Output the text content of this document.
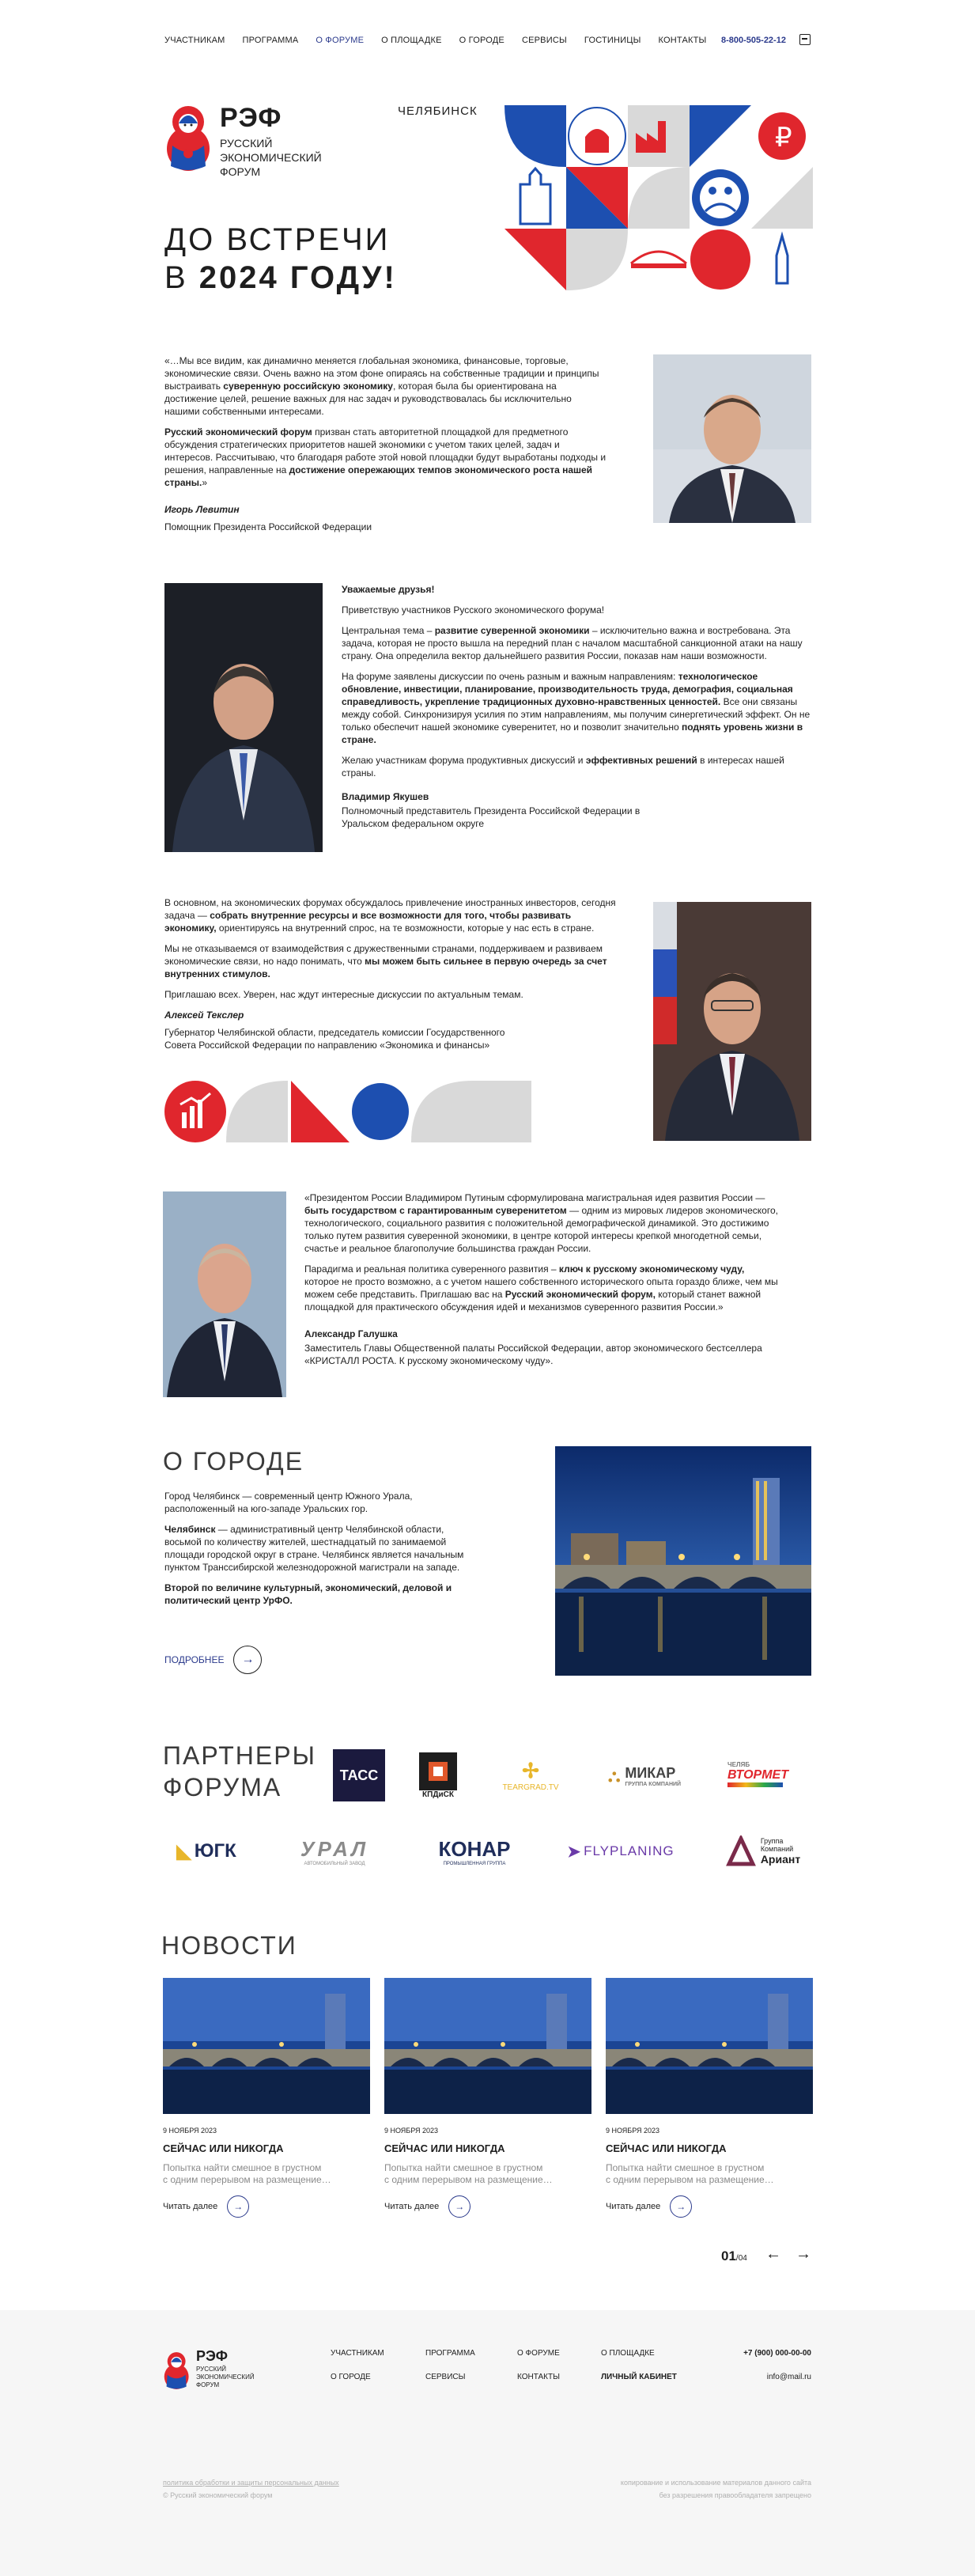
УЧАСТНИКАМ ПРОГРАММА О ФОРУМЕ О ПЛОЩАДКЕ О ГОРОДЕ СЕРВИСЫ ГОСТИНИЦЫ КОНТАКТЫ 8-800-505-22-12
РЭФ
РУССКИЙ ЭКОНОМИЧЕСКИЙ ФОРУМ
ЧЕЛЯБИНСК
ДО ВСТРЕЧИ
В 2024 ГОДУ!
₽

«…Мы все видим, как динамично меняется глобальная экономика, финансовые, торговые, экономические связи. Очень важно на этом фоне опираясь на собственные традиции и принципы выстраивать суверенную российскую экономику, которая была бы ориентирована на достижение целей, решение важных для нас задач и руководствовалась бы исключительно нашими собственными интересами.

Русский экономический форум призван стать авторитетной площадкой для предметного обсуждения стратегических приоритетов нашей экономики с учетом таких целей, задач и интересов. Рассчитываю, что благодаря работе этой новой площадки будут выработаны подходы и решения, направленные на достижение опережающих темпов экономического роста нашей страны.»

Игорь Левитин
Помощник Президента Российской Федерации

Уважаемые друзья!

Приветствую участников Русского экономического форума!

Центральная тема – развитие суверенной экономики – исключительно важна и востребована. Эта задача, которая не просто вышла на передний план с началом масштабной санкционной атаки на нашу страну. Она определила вектор дальнейшего развития России, показав нам наши возможности.

На форуме заявлены дискуссии по очень разным и важным направлениям: технологическое обновление, инвестиции, планирование, производительность труда, демография, социальная справедливость, укрепление традиционных духовно-нравственных ценностей. Все они связаны между собой. Синхронизируя усилия по этим направлениям, мы получим синергетический эффект. Он не только обеспечит нашей экономике суверенитет, но и позволит значительно поднять уровень жизни в стране.

Желаю участникам форума продуктивных дискуссий и эффективных решений в интересах нашей страны.

Владимир Якушев
Полномочный представитель Президента Российской Федерации в Уральском федеральном округе

В основном, на экономических форумах обсуждалось привлечение иностранных инвесторов, сегодня задача — собрать внутренние ресурсы и все возможности для того, чтобы развивать экономику, ориентируясь на внутренний спрос, на те возможности, которые у нас есть в стране.

Мы не отказываемся от взаимодействия с дружественными странами, поддерживаем и развиваем экономические связи, но надо понимать, что мы можем быть сильнее в первую очередь за счет внутренних стимулов.

Приглашаю всех. Уверен, нас ждут интересные дискуссии по актуальным темам.

Алексей Текслер
Губернатор Челябинской области, председатель комиссии Государственного Совета Российской Федерации по направлению «Экономика и финансы»

«Президентом России Владимиром Путиным сформулирована магистральная идея развития России — быть государством с гарантированным суверенитетом — одним из мировых лидеров экономического, технологического, социального развития с положительной демографической динамикой. Это достижимо только путем развития суверенной экономики, в центре которой интересы крепкой многодетной семьи, счастье и реальное благополучие большинства граждан России.

Парадигма и реальная политика суверенного развития – ключ к русскому экономическому чуду, которое не просто возможно, а с учетом нашего собственного исторического опыта гораздо ближе, чем мы можем себе представить. Приглашаю вас на Русский экономический форум, который станет важной площадкой для практического обсуждения идей и механизмов суверенного развития России.»

Александр Галушка
Заместитель Главы Общественной палаты Российской Федерации, автор экономического бестселлера «КРИСТАЛЛ РОСТА. К русскому экономическому чуду».
О ГОРОДЕ

Город Челябинск — современный центр Южного Урала, расположенный на юго-западе Уральских гор.

Челябинск — административный центр Челябинской области, восьмой по количеству жителей, шестнадцатый по занимаемой площади городской округ в стране. Челябинск является начальным пунктом Транссибирской железнодорожной магистрали на западе.

Второй по величине культурный, экономический, деловой и политический центр УрФО.

ПОДРОБНЕЕ	→
ПАРТНЕРЫ
ФОРУМА	ТАСС
КПДиСК
✢
TEARGRAD.TV
⛬ МИКАР
ГРУППА КОМПАНИЙ
ЧЕЛЯБ
ВТОРМЕТ
◣ ЮГК	УРАЛ
АВТОМОБИЛЬНЫЙ ЗАВОД
КОНАР
ПРОМЫШЛЕННАЯ ГРУППА
➤ FLYPLANING
Группа
Компаний
Ариант
НОВОСТИ
9 НОЯБРЯ 2023
СЕЙЧАС ИЛИ НИКОГДА
Попытка найти смешное в грустном
с одним перерывом на размещение…
Читать далее	→
9 НОЯБРЯ 2023
СЕЙЧАС ИЛИ НИКОГДА
Попытка найти смешное в грустном
с одним перерывом на размещение…
Читать далее	→
9 НОЯБРЯ 2023
СЕЙЧАС ИЛИ НИКОГДА
Попытка найти смешное в грустном
с одним перерывом на размещение…
Читать далее	→
01 /04 ← →
РЭФ
РУССКИЙ ЭКОНОМИЧЕСКИЙ ФОРУМ
УЧАСТНИКАМ
О ГОРОДЕ
ПРОГРАММА
СЕРВИСЫ
О ФОРУМЕ
КОНТАКТЫ
О ПЛОЩАДКЕ
ЛИЧНЫЙ КАБИНЕТ
+7 (900) 000-00-00
info@mail.ru
политика обработки и защиты персональных данных
© Русский экономический форум
копирование и использование материалов данного сайта
без разрешения правообладателя запрещено
